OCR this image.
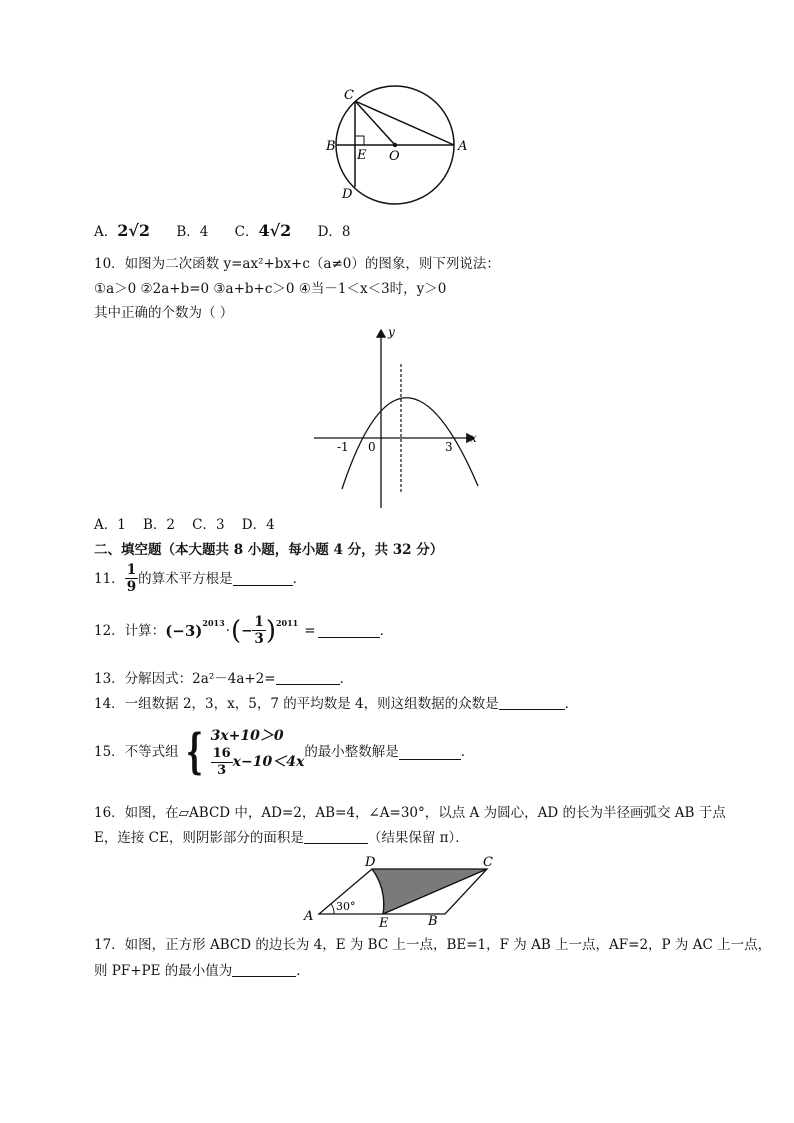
C
B
E O
A
D
A．2√2 B．4 C．4√2 D．8
10．如图为二次函数 y=ax²+bx+c（a≠0）的图象，则下列说法：
①a＞0 ②2a+b=0 ③a+b+c＞0 ④当－1＜x＜3时，y＞0
其中正确的个数为（ ）
y
x
-1 0	3
A．1    B．2    C．3    D．4
二、填空题（本大题共 8 小题，每小题 4 分，共 32 分）
11． $\frac{1}{9}$ 的算术平方根是	．
12．计算： $(-3)^{2013}$ · ( − $\frac{1}{3} )^{2011}$ =	．
13．分解因式：2a²－4a+2=	．
14．一组数据 2，3，x，5，7 的平均数是 4，则这组数据的众数是	．
15．不等式组 { 3x+10＞0
$\frac{16}{3} x-10<4x$
的最小整数解是	．
16．如图，在▱ABCD 中，AD=2，AB=4，∠A=30°，以点 A 为圆心，AD 的长为半径画弧交 AB 于点
E，连接 CE，则阴影部分的面积是	（结果保留 π）．
D	C
A
30°
E	B
17．如图，正方形 ABCD 的边长为 4，E 为 BC 上一点，BE=1，F 为 AB 上一点，AF=2，P 为 AC 上一点，
则 PF+PE 的最小值为	．
